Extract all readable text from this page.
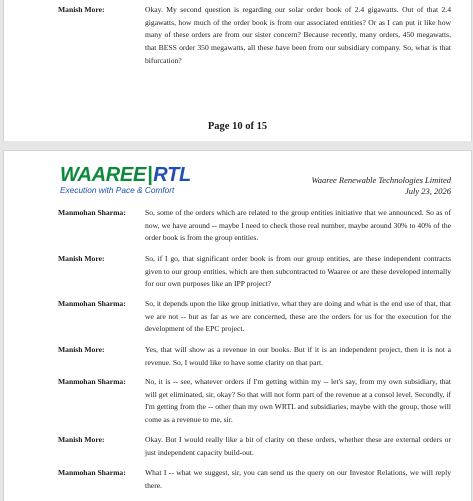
Manish More:	Okay. My second question is regarding our solar order book of 2.4 gigawatts. Out of that 2.4 gigawatts, how much of the order book is from our associated entities? Or as I can put it like how many of these orders are from our sister concern? Because recently, many orders, 450 megawatts, that BESS order 350 megawatts, all these have been from our subsidiary company. So, what is that bifurcation?
Page 10 of 15
WAAREE|RTL
Execution with Pace & Comfort
Waaree Renewable Technologies Limited
July 23, 2026
Manmohan Sharma:	So, some of the orders which are related to the group entities initiative that we announced. So as of now, we have around -- maybe I need to check those real number, maybe around 30% to 40% of the order book is from the group entities.
Manish More:	So, if I go, that significant order book is from our group entities, are these independent contracts given to our group entities, which are then subcontracted to Waaree or are these developed internally for our own purposes like an IPP project?
Manmohan Sharma:	So, it depends upon the like group initiative, what they are doing and what is the end use of that, that we are not -- but as far as we are concerned, these are the orders for us for the execution for the development of the EPC project.
Manish More:	Yes, that will show as a revenue in our books. But if it is an independent project, then it is not a revenue. So, I would like to have some clarity on that part.
Manmohan Sharma:	No, it is -- see, whatever orders if I'm getting within my -- let's say, from my own subsidiary, that will get eliminated, sir, okay? So that will not form part of the revenue at a consol level. Secondly, if I'm getting from the -- other than my own WRTL and subsidiaries, maybe with the group, those will come as a revenue to me, sir.
Manish More:	Okay. But I would really like a bit of clarity on these orders, whether these are external orders or just independent capacity build-out.
Manmohan Sharma:	What I -- what we suggest, sir, you can send us the query on our Investor Relations, we will reply there.
